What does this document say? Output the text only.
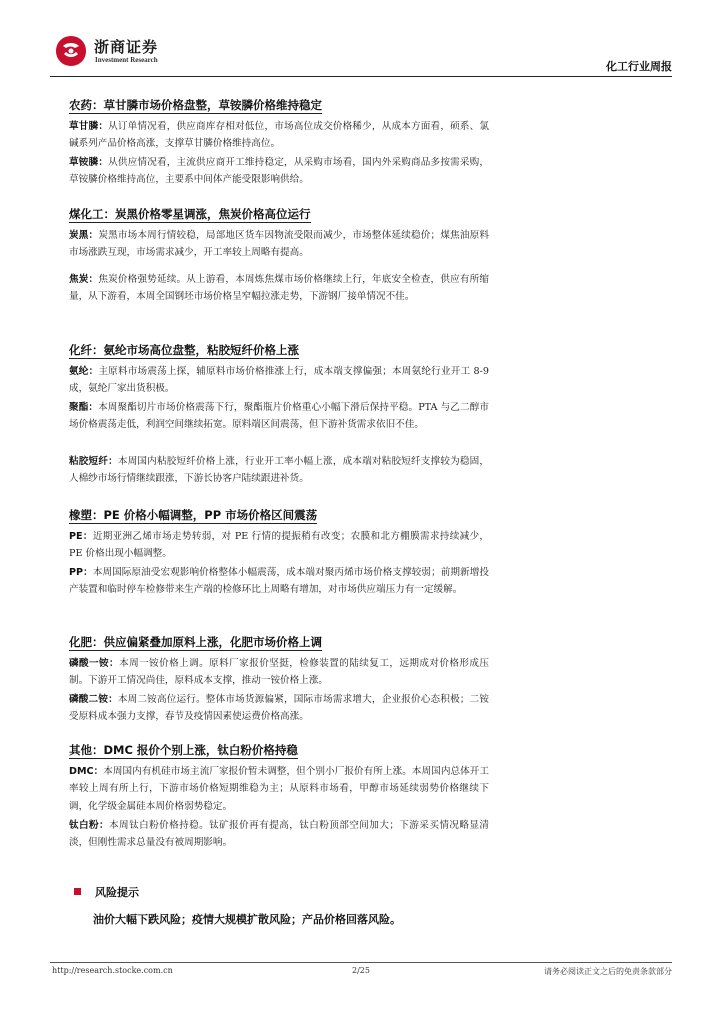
浙商证券
Investment Research	化工行业周报
农药：草甘膦市场价格盘整，草铵膦价格维持稳定
草甘膦：从订单情况看，供应商库存相对低位，市场高位成交价格稀少，从成本方面看，硕系、氯碱系列产品价格高涨，支撑草甘膦价格维持高位。
草铵膦：从供应情况看，主流供应商开工维持稳定，从采购市场看，国内外采购商品多按需采购，草铵膦价格维持高位，主要系中间体产能受限影响供给。
煤化工：炭黑价格零星调涨，焦炭价格高位运行
炭黑：炭黑市场本周行情较稳，局部地区货车因物流受限而减少，市场整体延续稳价；煤焦油原料市场涨跌互现，市场需求减少，开工率较上周略有提高。
焦炭：焦炭价格强势延续。从上游看，本周炼焦煤市场价格继续上行，年底安全检查，供应有所缩量，从下游看，本周全国钢坯市场价格呈窄幅拉涨走势，下游钢厂接单情况不佳。
化纤：氨纶市场高位盘整，粘胶短纤价格上涨
氨纶：主原料市场震荡上探，辅原料市场价格推涨上行，成本端支撑偏强；本周氨纶行业开工 8-9 成，氨纶厂家出货积极。
聚酯：本周聚酯切片市场价格震荡下行，聚酯瓶片价格重心小幅下滑后保持平稳。PTA 与乙二醇市场价格震荡走低，利润空间继续拓宽。原料端区间震荡，但下游补货需求依旧不佳。
粘胶短纤：本周国内粘胶短纤价格上涨，行业开工率小幅上涨，成本端对粘胶短纤支撑较为稳固，人棉纱市场行情继续跟涨，下游长协客户陆续跟进补货。
橡塑：PE 价格小幅调整，PP 市场价格区间震荡
PE：近期亚洲乙烯市场走势转弱，对 PE 行情的提振稍有改变；农膜和北方棚膜需求持续减少，PE 价格出现小幅调整。
PP：本周国际原油受宏观影响价格整体小幅震荡，成本端对聚丙烯市场价格支撑较弱；前期新增投产装置和临时停车检修带来生产端的检修环比上周略有增加，对市场供应端压力有一定缓解。
化肥：供应偏紧叠加原料上涨，化肥市场价格上调
磷酸一铵：本周一铵价格上调。原料厂家报价坚挺，检修装置的陆续复工，远期成对价格形成压制。下游开工情况尚佳，原料成本支撑，推动一铵价格上涨。
磷酸二铵：本周二铵高位运行。整体市场货源偏紧，国际市场需求增大，企业报价心态积极；二铵受原料成本强力支撑，春节及疫情因素使运费价格高涨。
其他：DMC 报价个别上涨，钛白粉价格持稳
DMC：本周国内有机硅市场主流厂家报价暂未调整，但个别小厂报价有所上涨。本周国内总体开工率较上周有所上行，下游市场价格短期维稳为主；从原料市场看，甲醇市场延续弱势价格继续下调，化学级金属硅本周价格弱势稳定。
钛白粉：本周钛白粉价格持稳。钛矿报价再有提高，钛白粉顶部空间加大；下游采买情况略显清淡，但刚性需求总量没有被周期影响。
风险提示
油价大幅下跌风险；疫情大规模扩散风险；产品价格回落风险。
http://research.stocke.com.cn	2/25	请务必阅读正文之后的免责条款部分
